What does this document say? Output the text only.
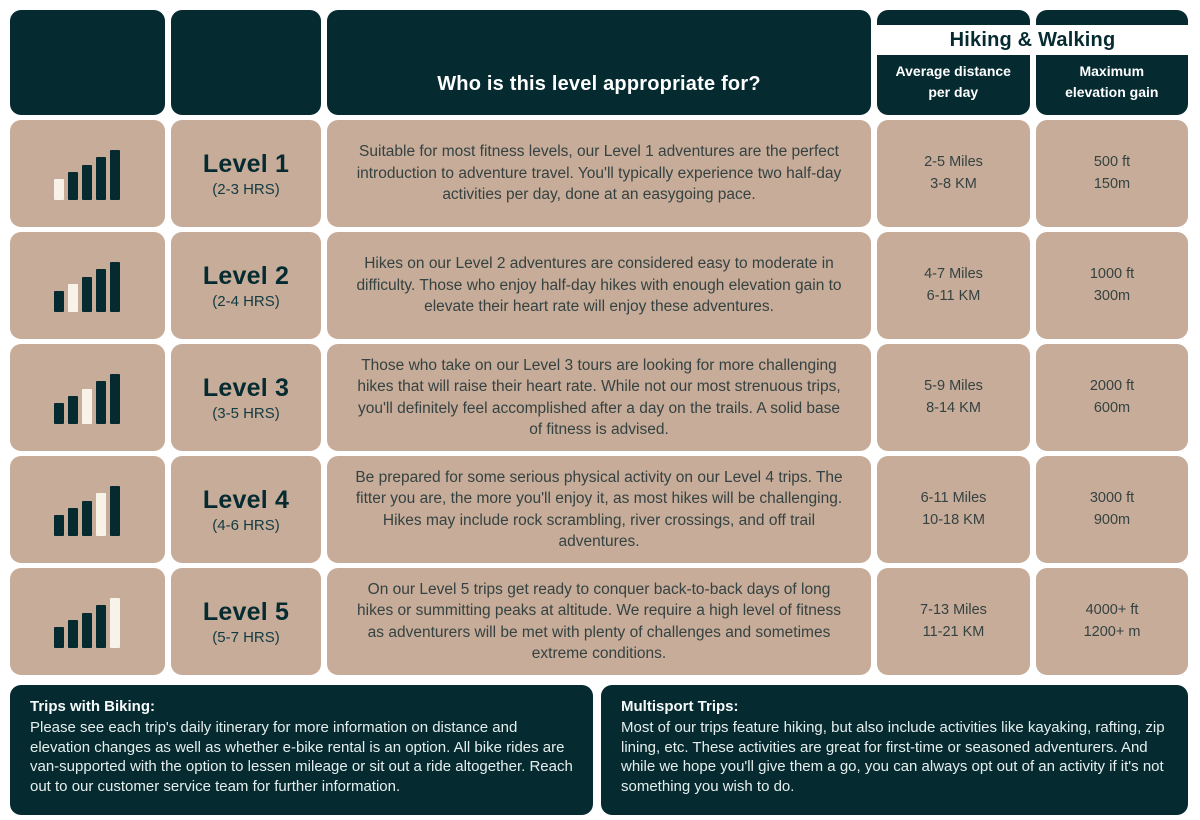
Who is this level appropriate for?
Average distance
per day
Maximum
elevation gain
Hiking & Walking
Level 1
(2-3 HRS)
Suitable for most fitness levels, our Level 1 adventures are the perfect introduction to adventure travel. You'll typically experience two half-day activities per day, done at an easygoing pace.
2-5 Miles
3-8 KM
500 ft
150m
Level 2
(2-4 HRS)
Hikes on our Level 2 adventures are considered easy to moderate in difficulty. Those who enjoy half-day hikes with enough elevation gain to elevate their heart rate will enjoy these adventures.
4-7 Miles
6-11 KM
1000 ft
300m
Level 3
(3-5 HRS)
Those who take on our Level 3 tours are looking for more challenging hikes that will raise their heart rate. While not our most strenuous trips, you'll definitely feel accomplished after a day on the trails. A solid base of fitness is advised.
5-9 Miles
8-14 KM
2000 ft
600m
Level 4
(4-6 HRS)
Be prepared for some serious physical activity on our Level 4 trips. The fitter you are, the more you'll enjoy it, as most hikes will be challenging. Hikes may include rock scrambling, river crossings, and off trail adventures.
6-11 Miles
10-18 KM
3000 ft
900m
Level 5
(5-7 HRS)
On our Level 5 trips get ready to conquer back-to-back days of long hikes or summitting peaks at altitude. We require a high level of fitness as adventurers will be met with plenty of challenges and sometimes extreme conditions.
7-13 Miles
11-21 KM
4000+ ft
1200+ m
Trips with Biking:
Please see each trip's daily itinerary for more information on distance and elevation changes as well as whether e-bike rental is an option. All bike rides are van-supported with the option to lessen mileage or sit out a ride altogether. Reach out to our customer service team for further information.
Multisport Trips:
Most of our trips feature hiking, but also include activities like kayaking, rafting, zip lining, etc. These activities are great for first-time or seasoned adventurers. And while we hope you'll give them a go, you can always opt out of an activity if it's not something you wish to do.
